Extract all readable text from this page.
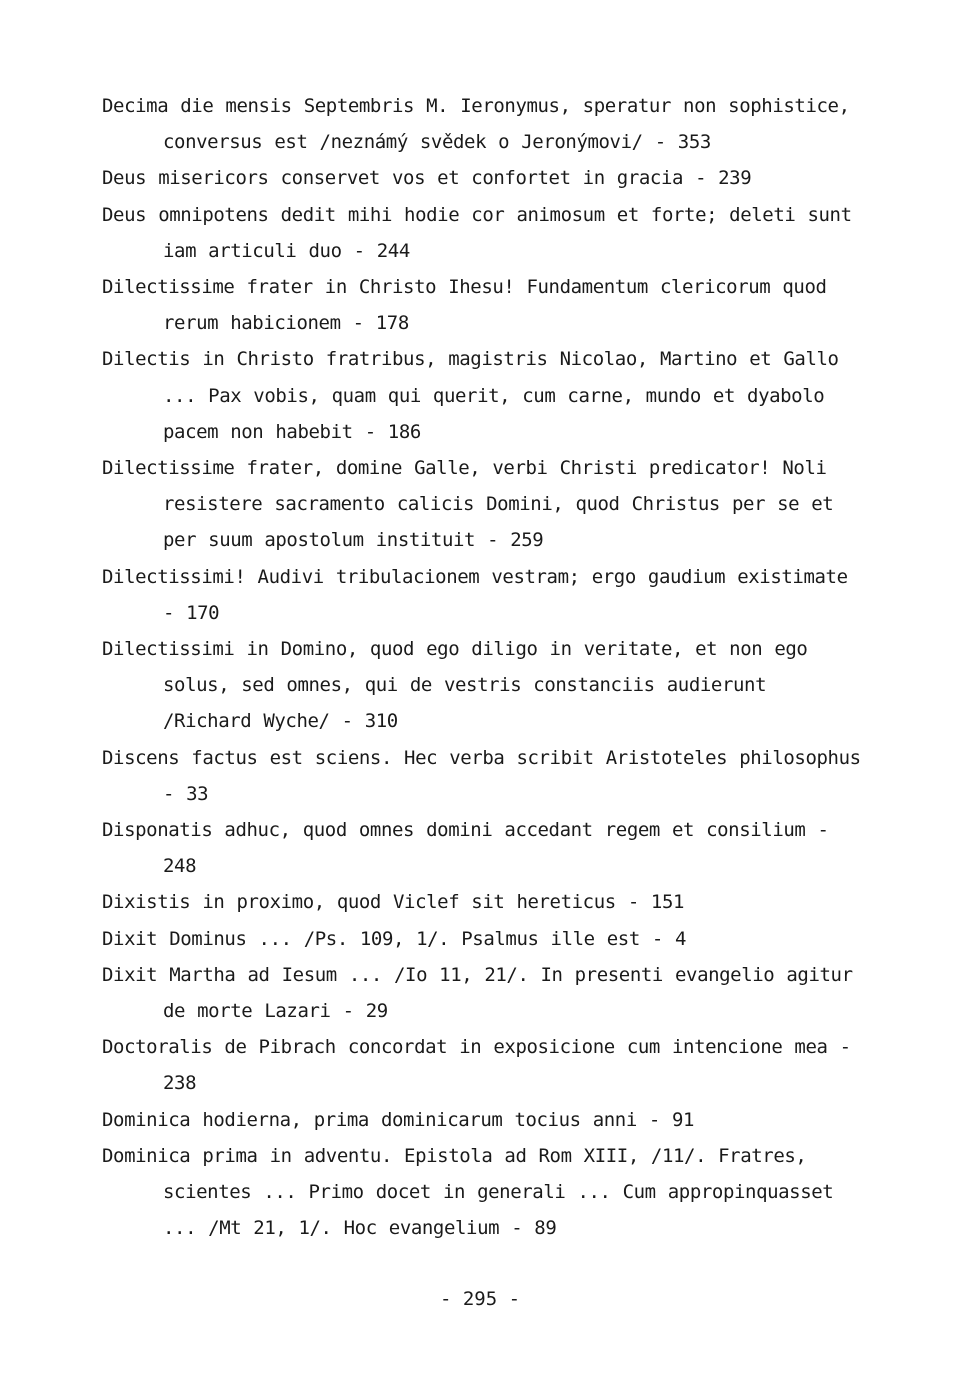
Decima die mensis Septembris M. Ieronymus, speratur non sophistice, conversus est /neznámý svědek o Jeronýmovi/ - 353

Deus misericors conservet vos et confortet in gracia - 239

Deus omnipotens dedit mihi hodie cor animosum et forte; deleti sunt iam articuli duo - 244

Dilectissime frater in Christo Ihesu! Fundamentum clericorum quod rerum habicionem - 178

Dilectis in Christo fratribus, magistris Nicolao, Martino et Gallo ... Pax vobis, quam qui querit, cum carne, mundo et dyabolo pacem non habebit - 186

Dilectissime frater, domine Galle, verbi Christi predicator! Noli resistere sacramento calicis Domini, quod Christus per se et per suum apostolum instituit - 259

Dilectissimi! Audivi tribulacionem vestram; ergo gaudium existimate - 170

Dilectissimi in Domino, quod ego diligo in veritate, et non ego solus, sed omnes, qui de vestris constanciis audierunt /Richard Wyche/ - 310

Discens factus est sciens. Hec verba scribit Aristoteles philosophus - 33

Disponatis adhuc, quod omnes domini accedant regem et consilium - 248

Dixistis in proximo, quod Viclef sit hereticus - 151

Dixit Dominus ... /Ps. 109, 1/. Psalmus ille est - 4

Dixit Martha ad Iesum ... /Io 11, 21/. In presenti evangelio agitur de morte Lazari - 29

Doctoralis de Pibrach concordat in exposicione cum intencione mea - 238

Dominica hodierna, prima dominicarum tocius anni - 91

Dominica prima in adventu. Epistola ad Rom XIII, /11/. Fratres, scientes ... Primo docet in generali ... Cum appropinquasset ... /Mt 21, 1/. Hoc evangelium - 89

- 295 -
